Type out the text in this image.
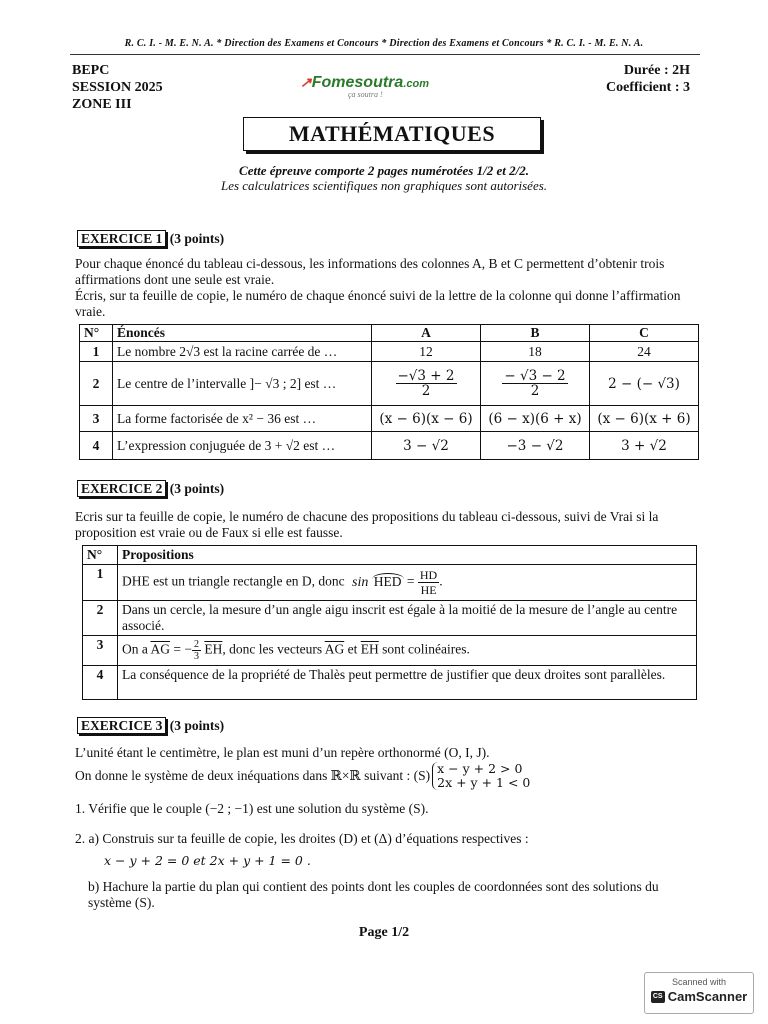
R. C. I. - M. E. N. A. * Direction des Examens et Concours * Direction des Examens et Concours * R. C. I. - M. E. N. A.
BEPC
SESSION 2025
ZONE III
↗Fomesoutra.com
ça soutra !
Durée : 2H
Coefficient : 3
MATHÉMATIQUES
Cette épreuve comporte 2 pages numérotées 1/2 et 2/2.
Les calculatrices scientifiques non graphiques sont autorisées.
EXERCICE 1 (3 points)
Pour chaque énoncé du tableau ci-dessous, les informations des colonnes A, B et C permettent d’obtenir trois affirmations dont une seule est vraie.
Écris, sur ta feuille de copie, le numéro de chaque énoncé suivi de la lettre de la colonne qui donne l’affirmation vraie.
N°	Énoncés	A	B	C
1	Le nombre 2√3 est la racine carrée de …	12	18	24
2	Le centre de l’intervalle ]− √3 ; 2] est …	$\frac{-√3 + 2}{2}$	$\frac{- √3 - 2}{2}$	2 − (− √3)
3	La forme factorisée de x² − 36 est …	(x − 6)(x − 6)	(6 − x)(6 + x)	(x − 6)(x + 6)
4	L’expression conjuguée de 3 + √2 est …	3 − √2	−3 − √2	3 + √2
EXERCICE 2 (3 points)
Ecris sur ta feuille de copie, le numéro de chacune des propositions du tableau ci-dessous, suivi de Vrai si la proposition est vraie ou de Faux si elle est fausse.
N°	Propositions
1	DHE est un triangle rectangle en D, donc sin HED = $\frac{HD}{HE}$ .
2	Dans un cercle, la mesure d’un angle aigu inscrit est égale à la moitié de la mesure de l’angle au centre associé.
3	On a $\overline{AG}$ = − $\frac{2}{3} \overline{EH}$, donc les vecteurs $\overline{AG}$ et $\overline{EH}$ sont colinéaires.
4	La conséquence de la propriété de Thalès peut permettre de justifier que deux droites sont parallèles.
EXERCICE 3 (3 points)
L’unité étant le centimètre, le plan est muni d’un repère orthonormé (O, I, J).
On donne le système de deux inéquations dans ℝ×ℝ suivant : (S) x − y + 2 > 0
2x + y + 1 < 0
1. Vérifie que le couple (−2 ; −1) est une solution du système (S).
2. a) Construis sur ta feuille de copie, les droites (D) et (Δ) d’équations respectives :
x − y + 2 = 0 et 2x + y + 1 = 0 .
b) Hachure la partie du plan qui contient des points dont les couples de coordonnées sont des solutions du système (S).
Page 1/2
Scanned with
CS CamScanner
